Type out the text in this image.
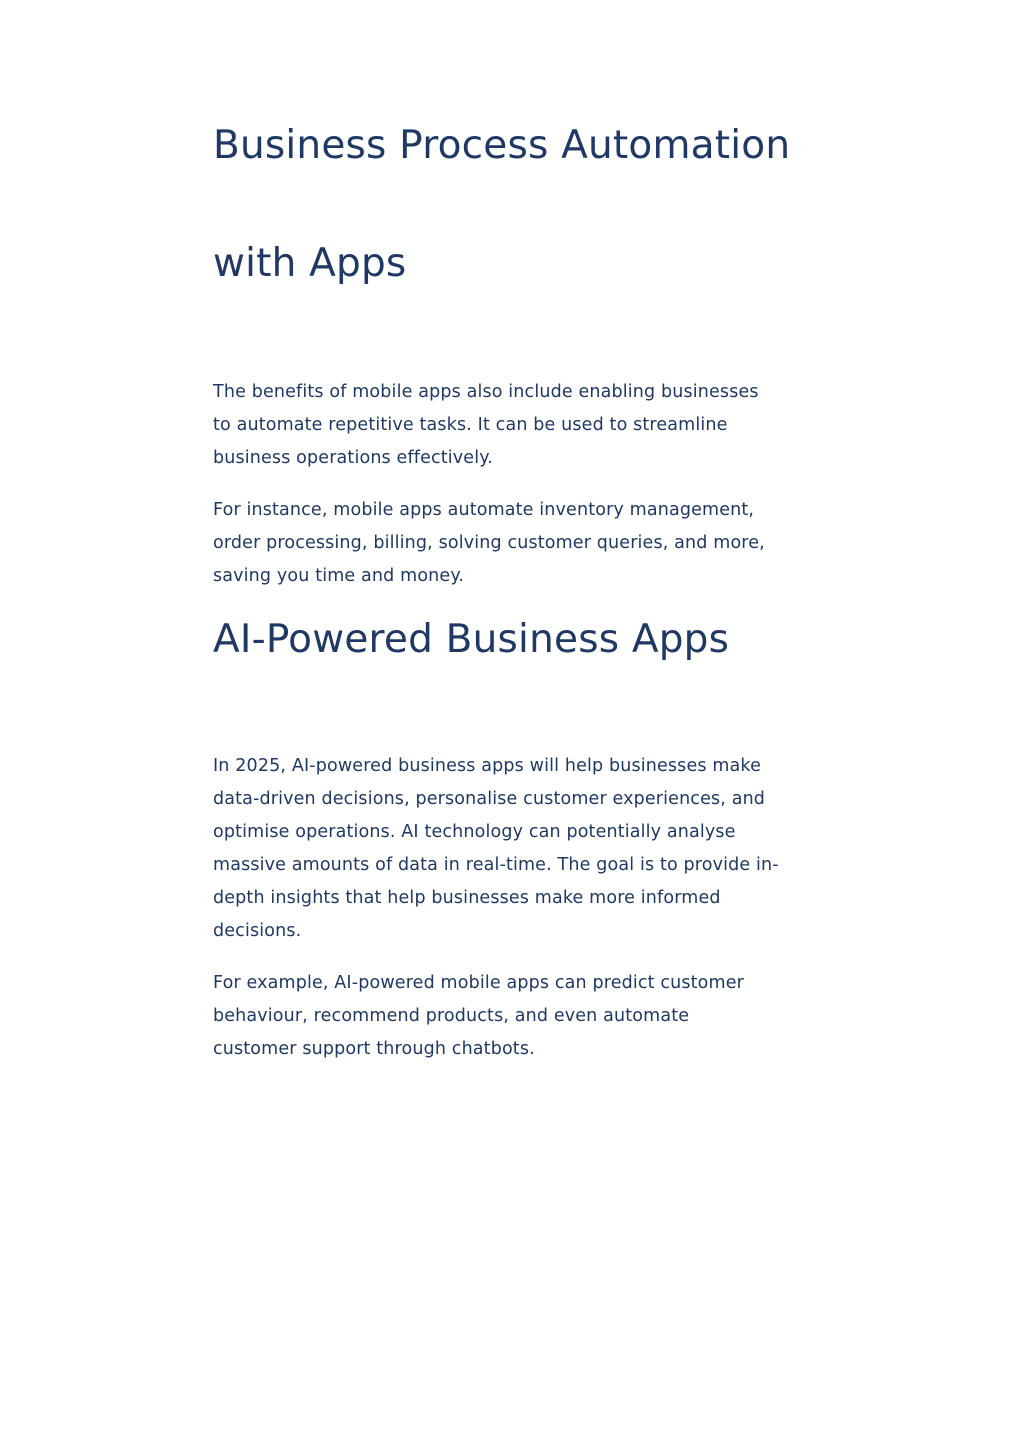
Business Process Automation
with Apps

The benefits of mobile apps also include enabling businesses
to automate repetitive tasks. It can be used to streamline
business operations effectively.

For instance, mobile apps automate inventory management,
order processing, billing, solving customer queries, and more,
saving you time and money.

AI-Powered Business Apps

In 2025, AI-powered business apps will help businesses make
data-driven decisions, personalise customer experiences, and
optimise operations. AI technology can potentially analyse
massive amounts of data in real-time. The goal is to provide in-
depth insights that help businesses make more informed
decisions.

For example, AI-powered mobile apps can predict customer
behaviour, recommend products, and even automate
customer support through chatbots.
